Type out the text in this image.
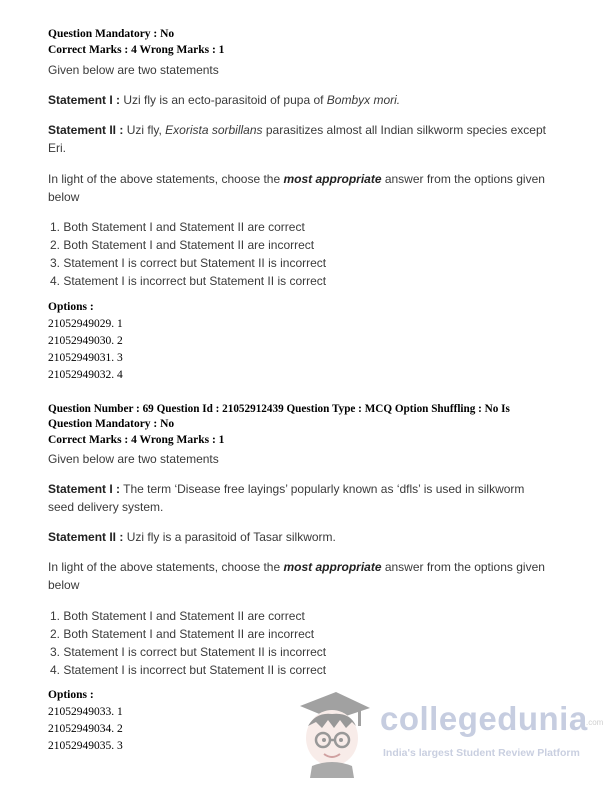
Question Mandatory : No
Correct Marks : 4 Wrong Marks : 1
Given below are two statements
Statement I : Uzi fly is an ecto-parasitoid of pupa of Bombyx mori.
Statement II : Uzi fly, Exorista sorbillans parasitizes almost all Indian silkworm species except
Eri.
In light of the above statements, choose the most appropriate answer from the options given
below
1. Both Statement I and Statement II are correct
2. Both Statement I and Statement II are incorrect
3. Statement I is correct but Statement II is incorrect
4. Statement I is incorrect but Statement II is correct
Options :
21052949029. 1
21052949030. 2
21052949031. 3
21052949032. 4
Question Number : 69 Question Id : 21052912439 Question Type : MCQ Option Shuffling : No Is
Question Mandatory : No
Correct Marks : 4 Wrong Marks : 1
Given below are two statements
Statement I : The term ‘Disease free layings’ popularly known as ‘dfls’ is used in silkworm
seed delivery system.
Statement II : Uzi fly is a parasitoid of Tasar silkworm.
In light of the above statements, choose the most appropriate answer from the options given
below
1. Both Statement I and Statement II are correct
2. Both Statement I and Statement II are incorrect
3. Statement I is correct but Statement II is incorrect
4. Statement I is incorrect but Statement II is correct
Options :
21052949033. 1
21052949034. 2
21052949035. 3
collegedunia
.com
India's largest Student Review Platform
